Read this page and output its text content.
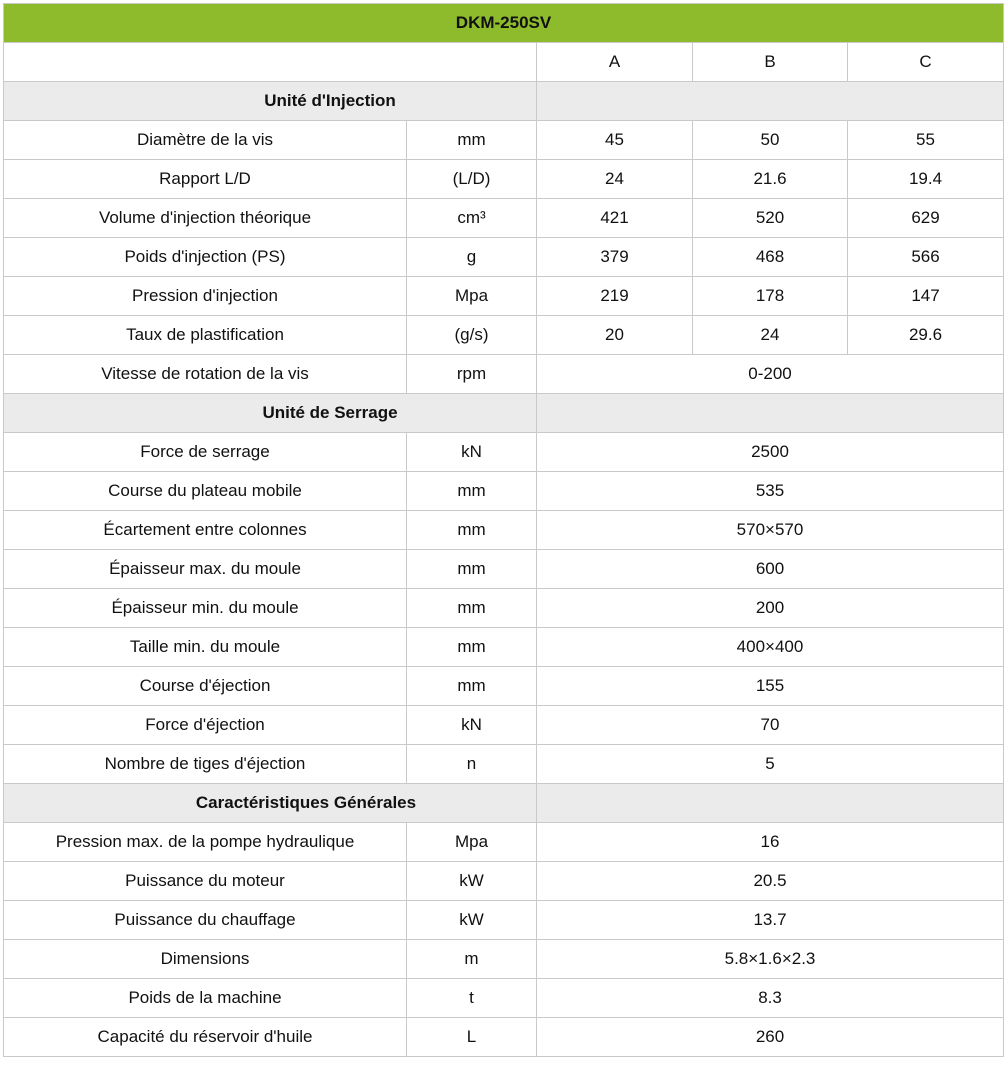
DKM-250SV				
		A	B	C
Unité d'Injection				
Diamètre de la vis	mm	45	50	55
Rapport L/D	(L/D)	24	21.6	19.4
Volume d'injection théorique	cm³	421	520	629
Poids d'injection (PS)	g	379	468	566
Pression d'injection	Mpa	219	178	147
Taux de plastification	(g/s)	20	24	29.6
Vitesse de rotation de la vis	rpm	0-200		
Unité de Serrage				
Force de serrage	kN	2500		
Course du plateau mobile	mm	535		
Écartement entre colonnes	mm	570×570		
Épaisseur max. du moule	mm	600		
Épaisseur min. du moule	mm	200		
Taille min. du moule	mm	400×400		
Course d'éjection	mm	155		
Force d'éjection	kN	70		
Nombre de tiges d'éjection	n	5		
Caractéristiques Générales				
Pression max. de la pompe hydraulique	Mpa	16		
Puissance du moteur	kW	20.5		
Puissance du chauffage	kW	13.7		
Dimensions	m	5.8×1.6×2.3		
Poids de la machine	t	8.3		
Capacité du réservoir d'huile	L	260		
